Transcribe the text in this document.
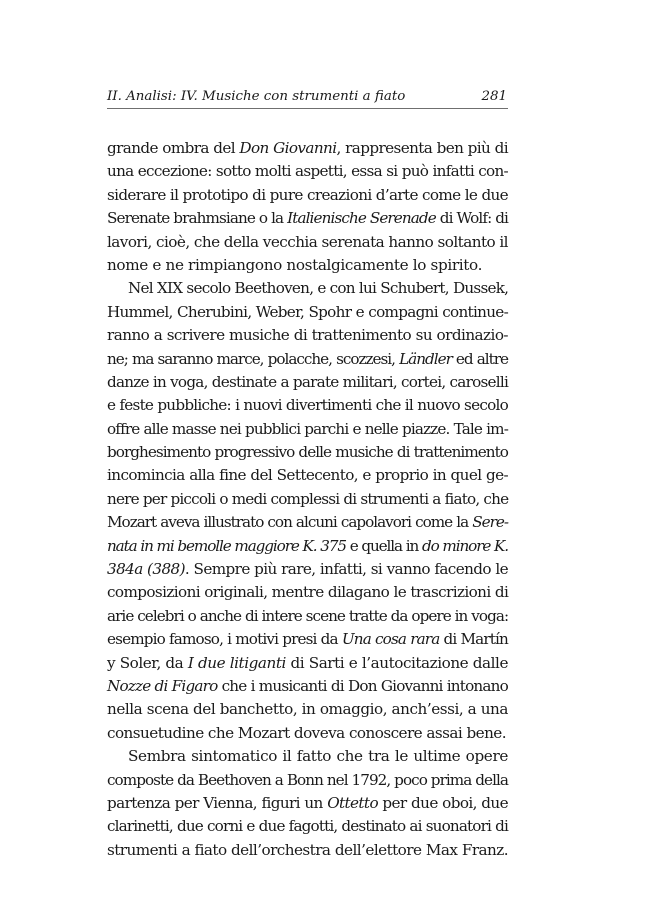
II. Analisi: IV. Musiche con strumenti a fiato	281
grande ombra del Don Giovanni, rappresenta ben più di
una eccezione: sotto molti aspetti, essa si può infatti con-
siderare il prototipo di pure creazioni d’arte come le due
Serenate brahmsiane o la Italienische Serenade di Wolf: di
lavori, cioè, che della vecchia serenata hanno soltanto il
nome e ne rimpiangono nostalgicamente lo spirito.
Nel XIX secolo Beethoven, e con lui Schubert, Dussek,
Hummel, Cherubini, Weber, Spohr e compagni continue-
ranno a scrivere musiche di trattenimento su ordinazio-
ne; ma saranno marce, polacche, scozzesi, Ländler ed altre
danze in voga, destinate a parate militari, cortei, caroselli
e feste pubbliche: i nuovi divertimenti che il nuovo secolo
offre alle masse nei pubblici parchi e nelle piazze. Tale im-
borghesimento progressivo delle musiche di trattenimento
incomincia alla fine del Settecento, e proprio in quel ge-
nere per piccoli o medi complessi di strumenti a fiato, che
Mozart aveva illustrato con alcuni capolavori come la Sere-
nata in mi bemolle maggiore K. 375 e quella in do minore K.
384a (388). Sempre più rare, infatti, si vanno facendo le
composizioni originali, mentre dilagano le trascrizioni di
arie celebri o anche di intere scene tratte da opere in voga:
esempio famoso, i motivi presi da Una cosa rara di Martín
y Soler, da I due litiganti di Sarti e l’autocitazione dalle
Nozze di Figaro che i musicanti di Don Giovanni intonano
nella scena del banchetto, in omaggio, anch’essi, a una
consuetudine che Mozart doveva conoscere assai bene.
Sembra sintomatico il fatto che tra le ultime opere
composte da Beethoven a Bonn nel 1792, poco prima della
partenza per Vienna, figuri un Ottetto per due oboi, due
clarinetti, due corni e due fagotti, destinato ai suonatori di
strumenti a fiato dell’orchestra dell’elettore Max Franz.
